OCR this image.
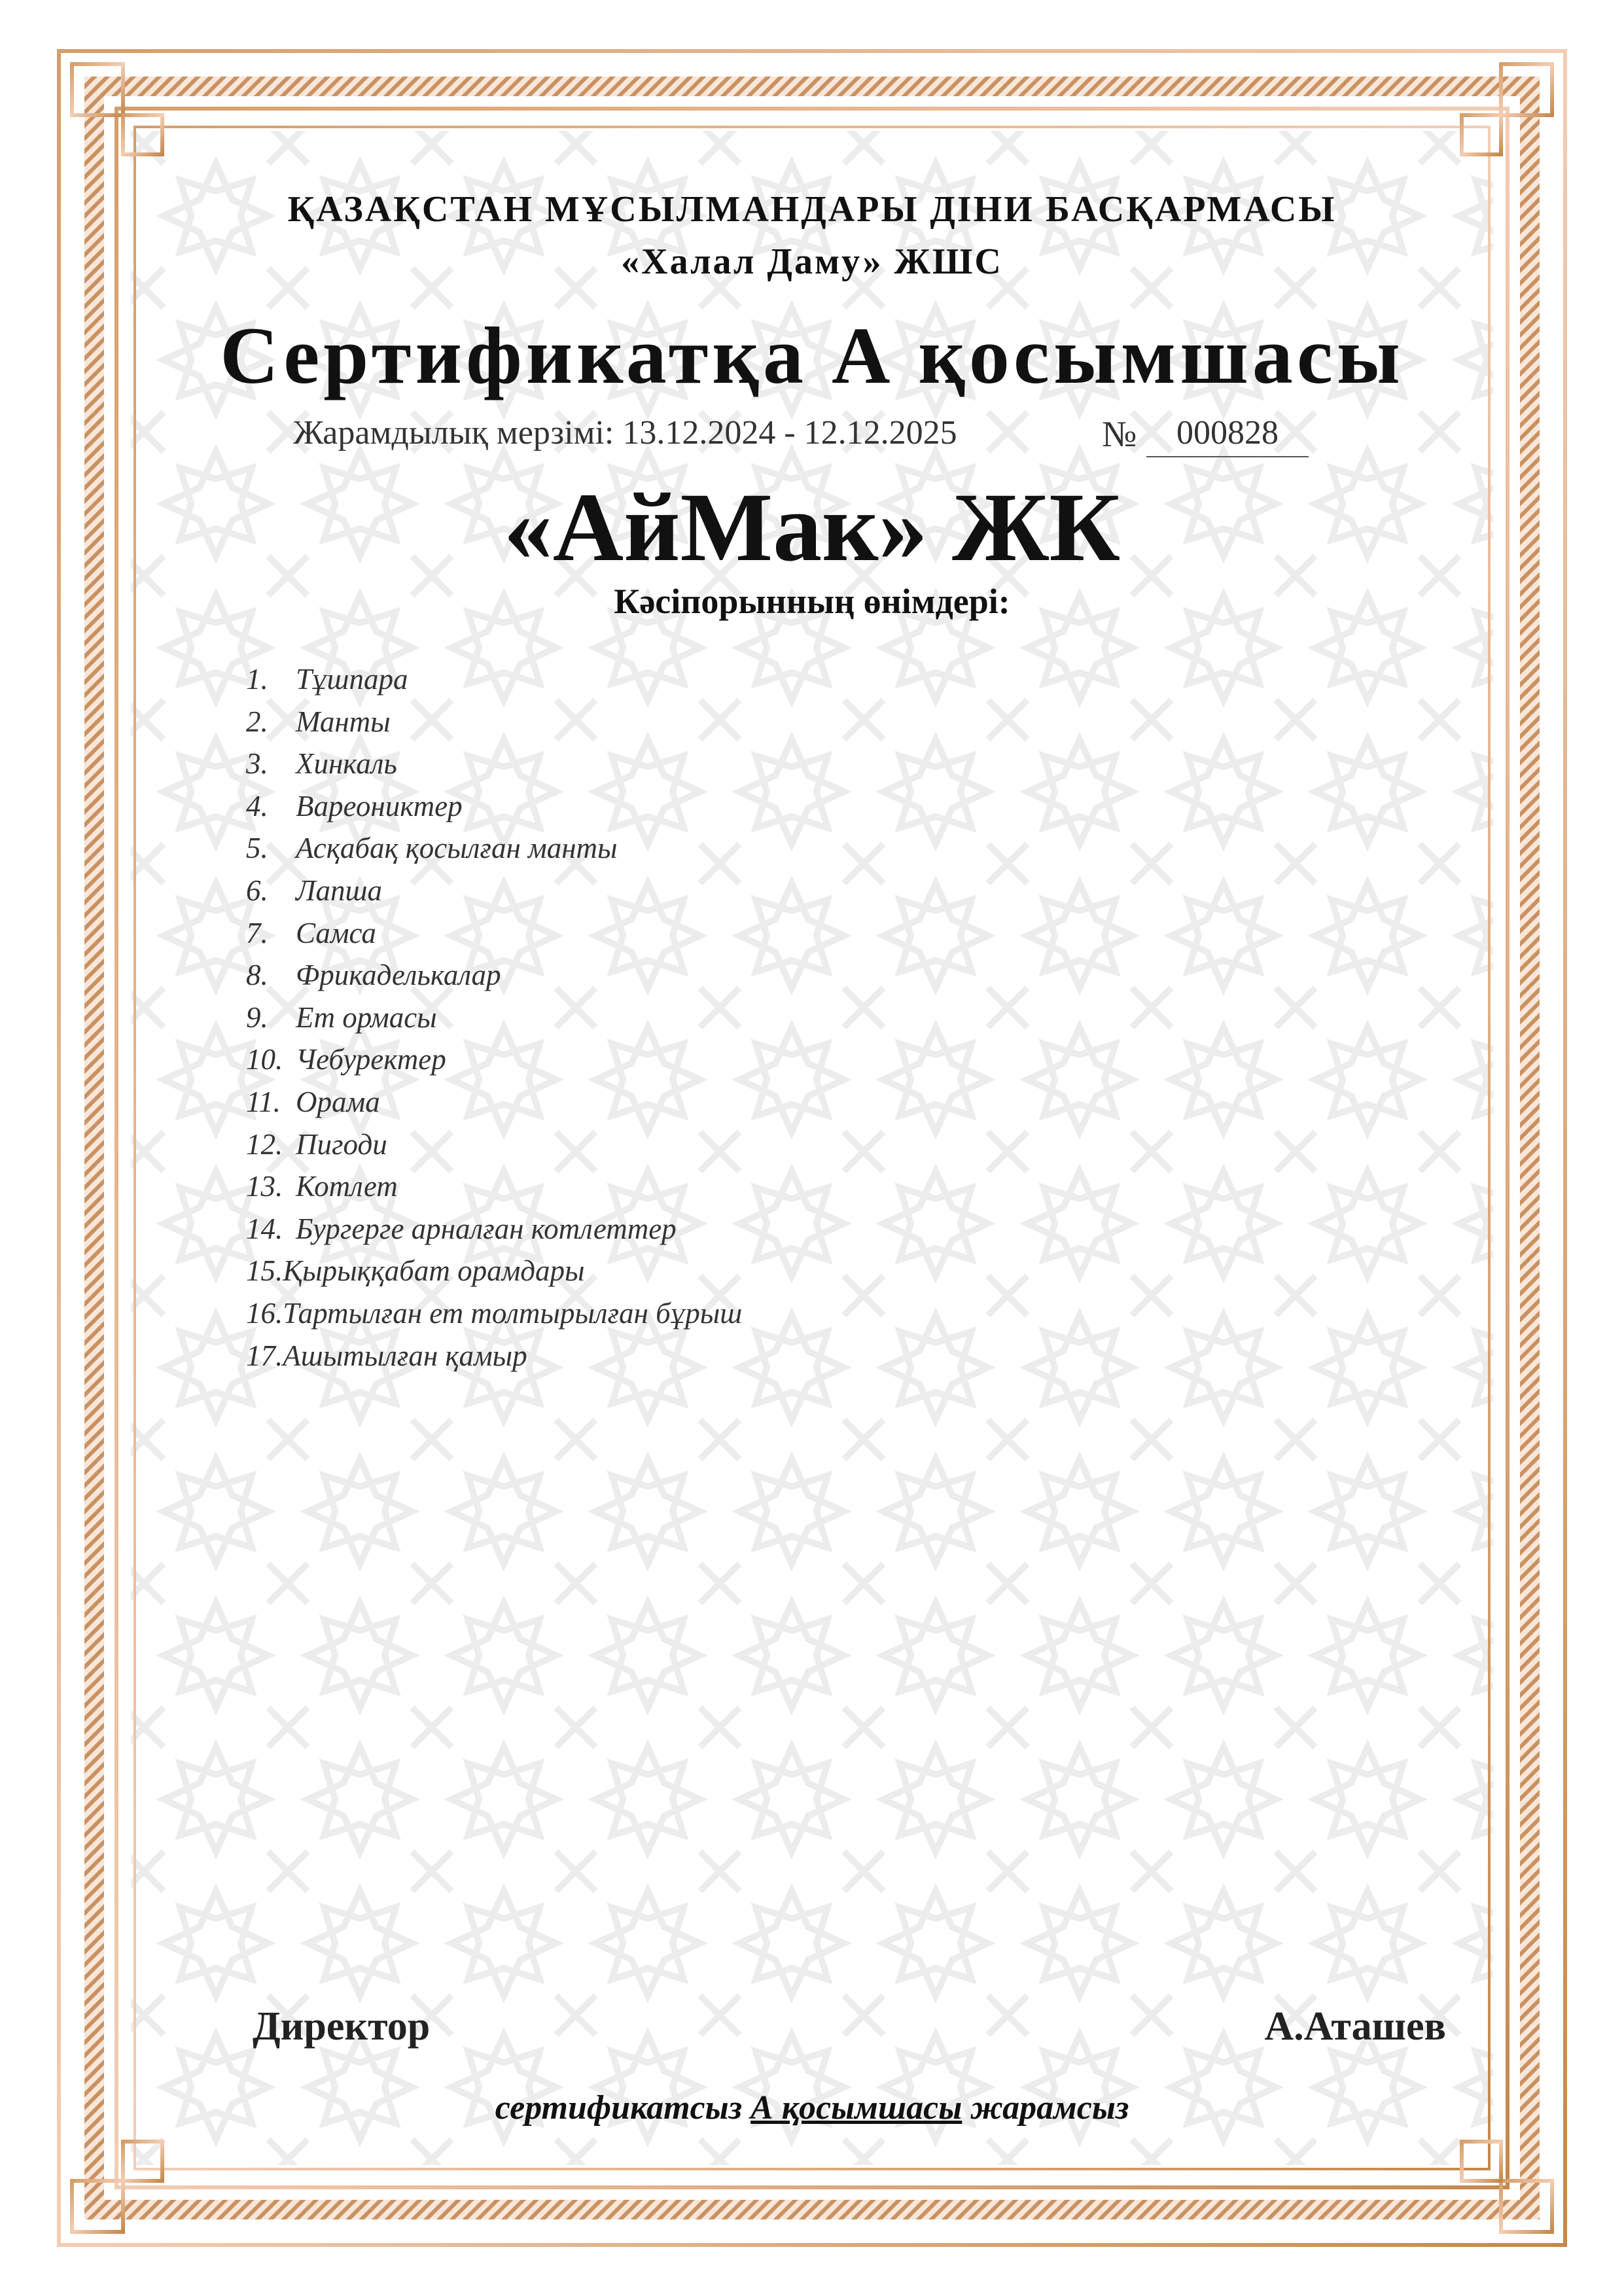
ҚАЗАҚСТАН МҰСЫЛМАНДАРЫ ДІНИ БАСҚАРМАСЫ
«Халал Даму» ЖШС
Сертификатқа А қосымшасы
Жарамдылық мерзімі: 13.12.2024 - 12.12.2025	№	000828
«АйМак» ЖК
Кәсіпорынның өнімдері:
1. Тұшпара
2. Манты
3. Хинкаль
4. Вареониктер
5. Асқабақ қосылған манты
6. Лапша
7. Самса
8. Фрикаделькалар
9. Ет ормасы
10. Чебуректер
11. Орама
12. Пигоди
13. Котлет
14. Бургерге арналған котлеттер
15.Қырыққабат орамдары
16.Тартылған ет толтырылған бұрыш
17.Ашытылған қамыр
Директор	А.Аташев
сертификатсыз А қосымшасы жарамсыз
